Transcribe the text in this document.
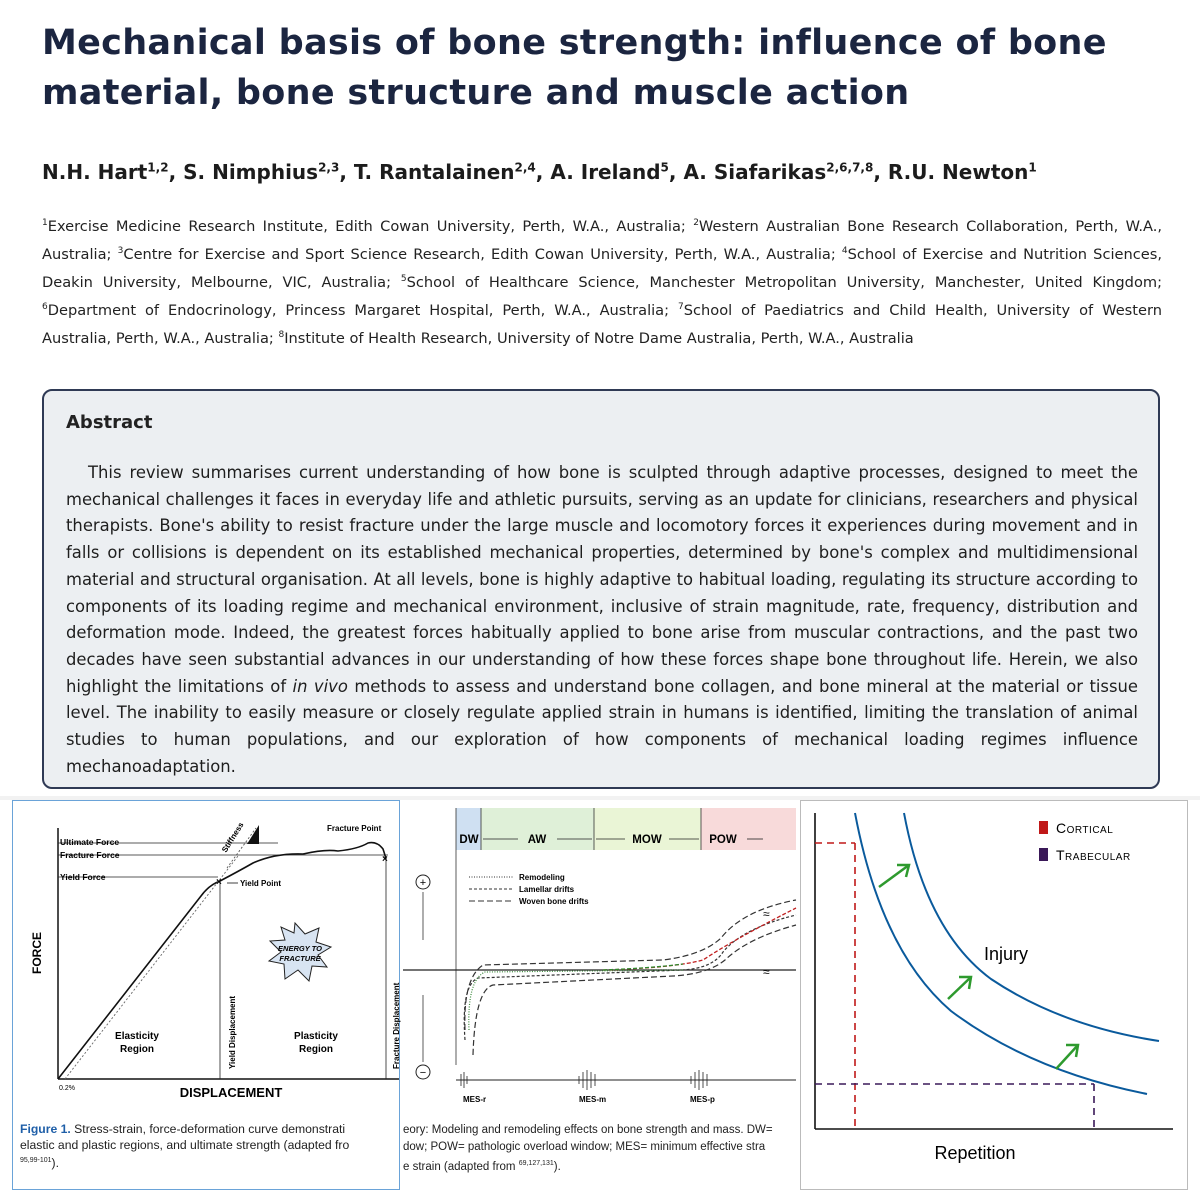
Mechanical basis of bone strength: influence of bone material, bone structure and muscle action
N.H. Hart$^{1,2}$, S. Nimphius$^{2,3}$, T. Rantalainen$^{2,4}$, A. Ireland$^5$, A. Siafarikas$^{2,6,7,8}$, R.U. Newton$^1$
$^1$Exercise Medicine Research Institute, Edith Cowan University, Perth, W.A., Australia; $^2$Western Australian Bone Research Collaboration, Perth, W.A., Australia; $^3$Centre for Exercise and Sport Science Research, Edith Cowan University, Perth, W.A., Australia; $^4$School of Exercise and Nutrition Sciences, Deakin University, Melbourne, VIC, Australia; $^5$School of Healthcare Science, Manchester Metropolitan University, Manchester, United Kingdom; $^6$Department of Endocrinology, Princess Margaret Hospital, Perth, W.A., Australia; $^7$School of Paediatrics and Child Health, University of Western Australia, Perth, W.A., Australia; $^8$Institute of Health Research, University of Notre Dame Australia, Perth, W.A., Australia
Abstract
This review summarises current understanding of how bone is sculpted through adaptive processes, designed to meet the mechanical challenges it faces in everyday life and athletic pursuits, serving as an update for clinicians, researchers and physical therapists. Bone's ability to resist fracture under the large muscle and locomotory forces it experiences during movement and in falls or collisions is dependent on its established mechanical properties, determined by bone's complex and multidimensional material and structural organisation. At all levels, bone is highly adaptive to habitual loading, regulating its structure according to components of its loading regime and mechanical environment, inclusive of strain magnitude, rate, frequency, distribution and deformation mode. Indeed, the greatest forces habitually applied to bone arise from muscular contractions, and the past two decades have seen substantial advances in our understanding of how these forces shape bone throughout life. Herein, we also highlight the limitations of in vivo methods to assess and understand bone collagen, and bone mineral at the material or tissue level. The inability to easily measure or closely regulate applied strain in humans is identified, limiting the translation of animal studies to human populations, and our exploration of how components of mechanical loading regimes influence mechanoadaptation.
×
×
Ultimate Force
Fracture Force
Yield Force
Stiffness	Fracture Point
Yield Point
ENERGY TO
FRACTURE
Yield Displacement	Fracture Displacement
Elasticity
Region
Plasticity
Region
FORCE
DISPLACEMENT
0.2%
Figure 1. Stress-strain, force-deformation curve demonstrati
elastic and plastic regions, and ultimate strength (adapted fro
$^{95,99-101}$).
DW	AW	MOW	POW
+
−
Remodeling
Lamellar drifts
Woven bone drifts
≈
≈
MES-r	MES-m	MES-p
eory: Modeling and remodeling effects on bone strength and mass. DW=
dow; POW= pathologic overload window; MES= minimum effective stra
e strain (adapted from $^{69,127,131}$).
Cortical
Trabecular
Injury
Repetition
